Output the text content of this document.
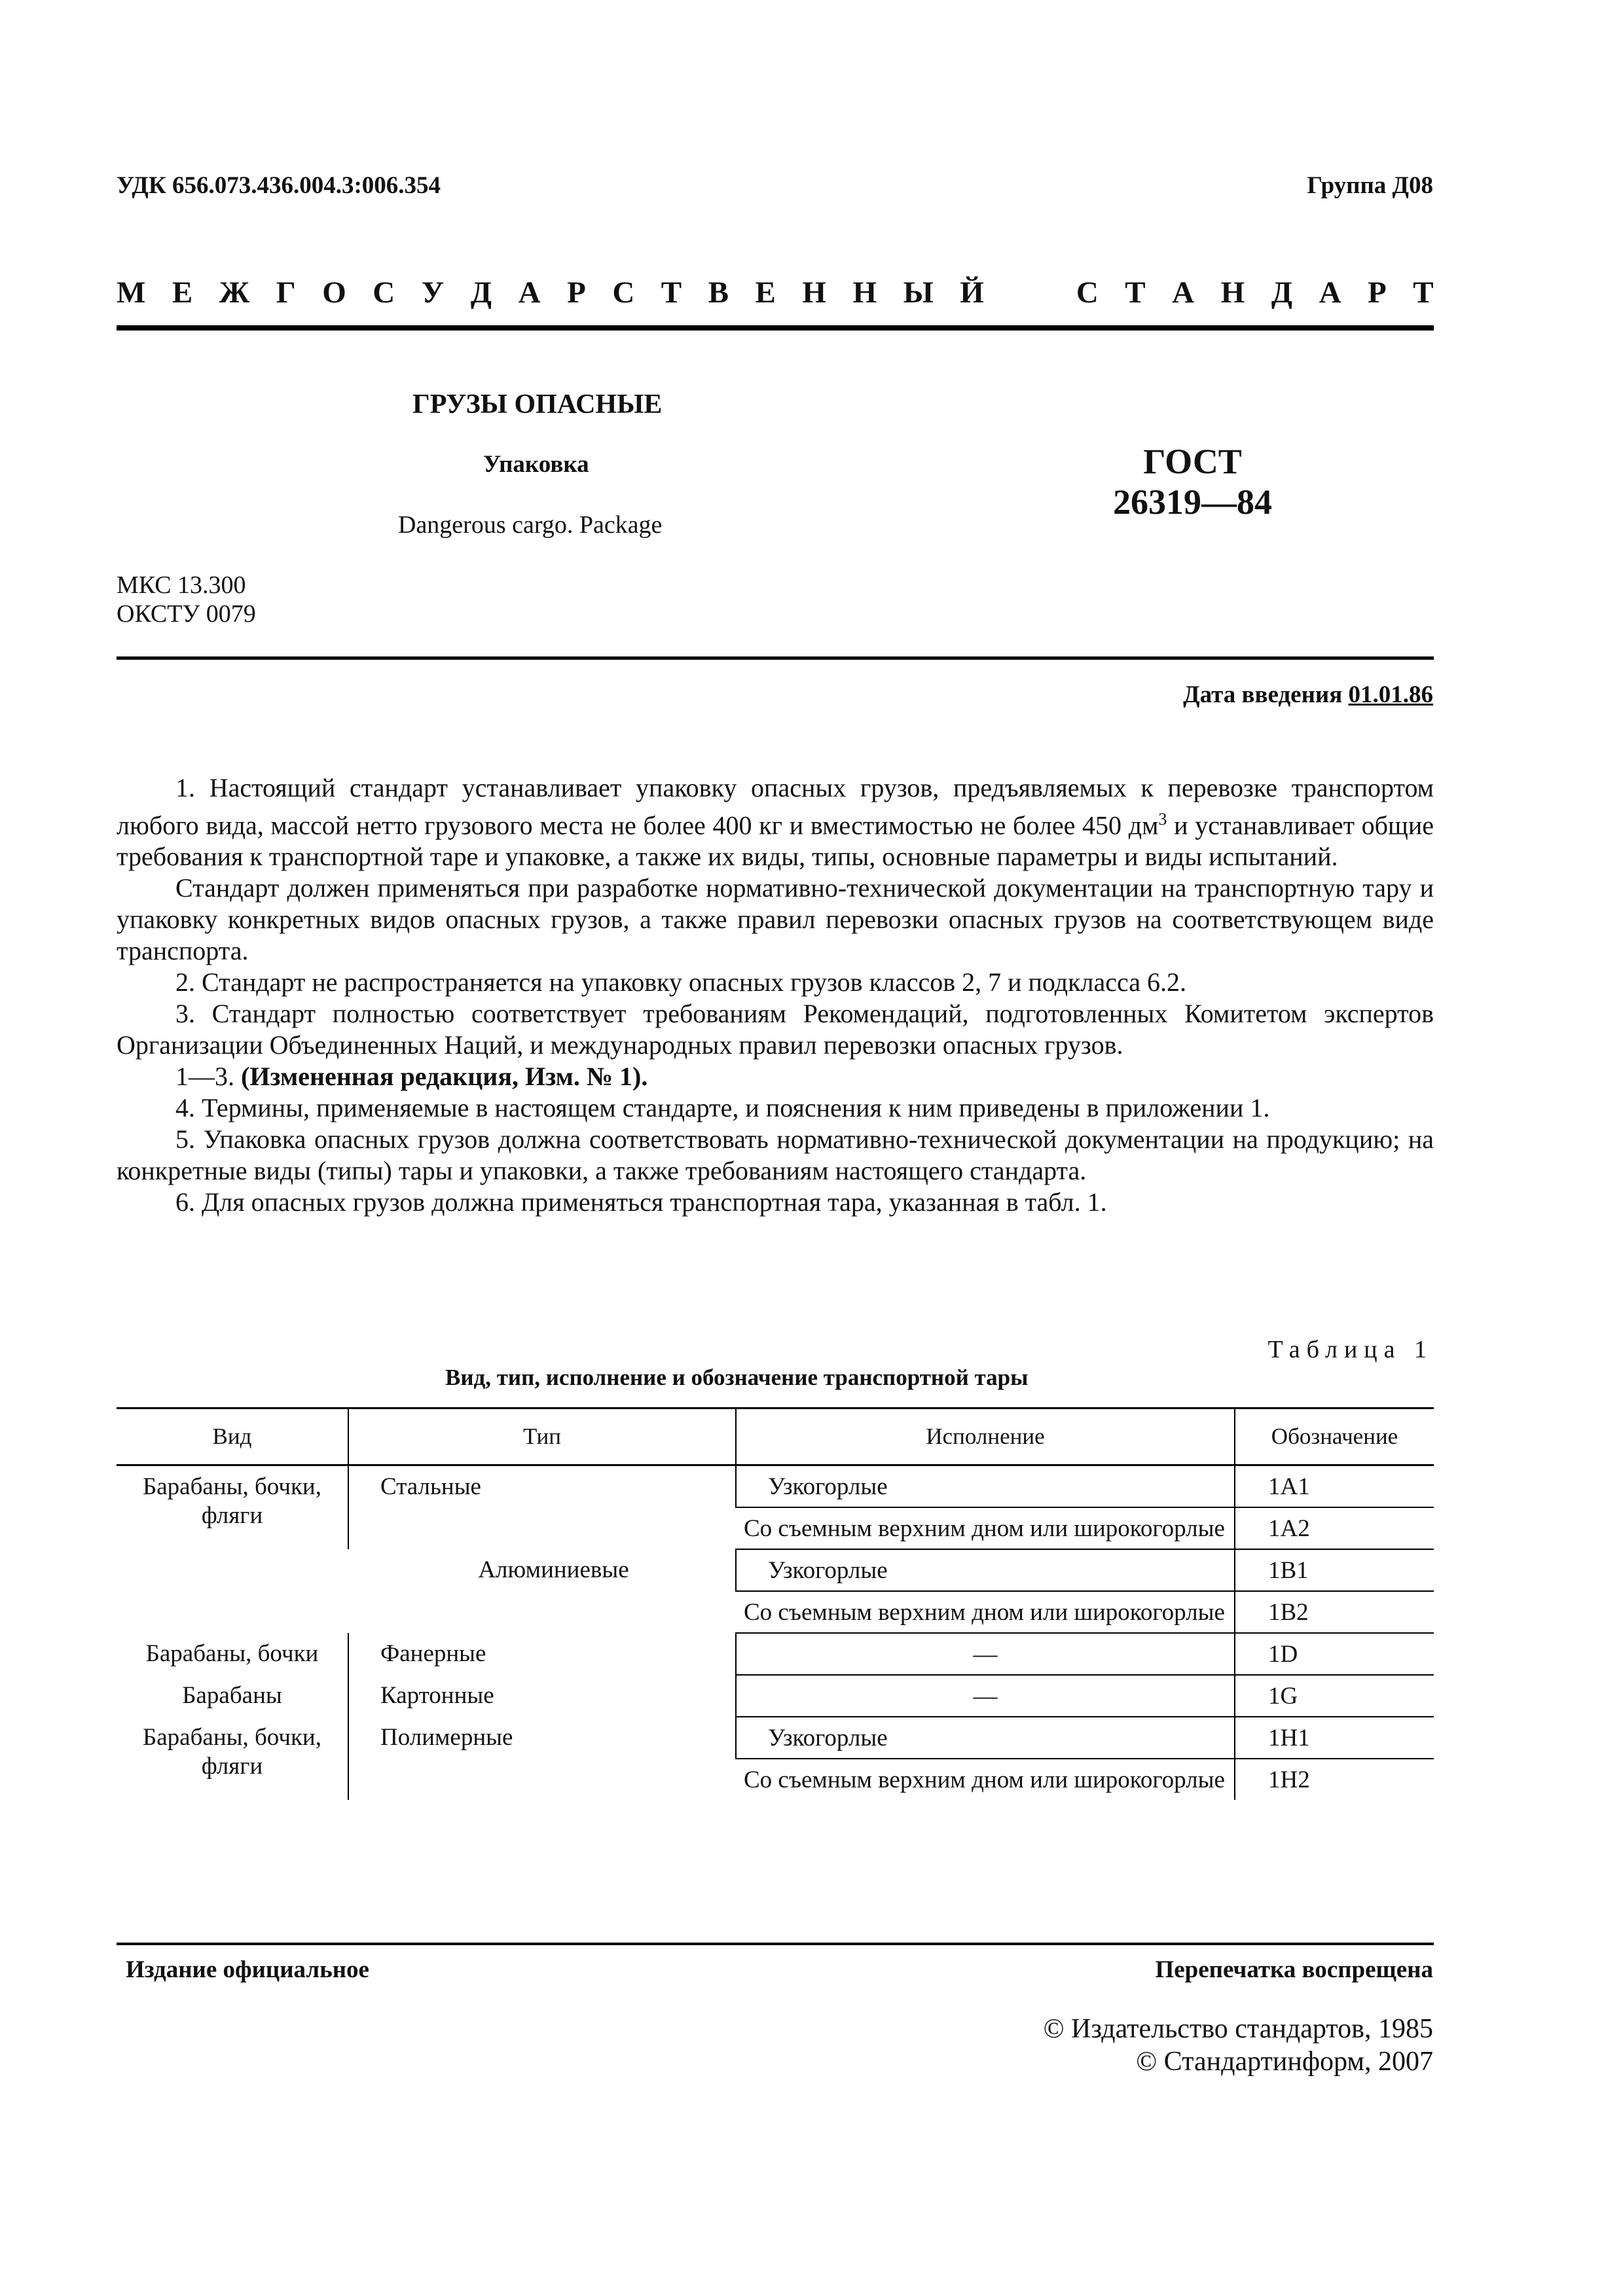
УДК 656.073.436.004.3:006.354	Группа Д08
М Е Ж Г О С У Д А Р С Т В Е Н Н Ы Й	С Т А Н Д А Р Т
ГРУЗЫ ОПАСНЫЕ
Упаковка
Dangerous cargo. Package
ГОСТ
26319—84
МКС 13.300
ОКСТУ 0079
Дата введения 01.01.86

1. Настоящий стандарт устанавливает упаковку опасных грузов, предъявляемых к перевозке транспортом любого вида, массой нетто грузового места не более 400 кг и вместимостью не более 450 $дм^3$ и устанавливает общие требования к транспортной таре и упаковке, а также их виды, типы, основные параметры и виды испытаний.

Стандарт должен применяться при разработке нормативно-технической документации на транспортную тару и упаковку конкретных видов опасных грузов, а также правил перевозки опасных грузов на соответствующем виде транспорта.

2. Стандарт не распространяется на упаковку опасных грузов классов 2, 7 и подкласса 6.2.

3. Стандарт полностью соответствует требованиям Рекомендаций, подготовленных Комитетом экспертов Организации Объединенных Наций, и международных правил перевозки опасных грузов.

1—3. (Измененная редакция, Изм. № 1).

4. Термины, применяемые в настоящем стандарте, и пояснения к ним приведены в приложении 1.

5. Упаковка опасных грузов должна соответствовать нормативно-технической документации на продукцию; на конкретные виды (типы) тары и упаковки, а также требованиям настоящего стандарта.

6. Для опасных грузов должна применяться транспортная тара, указанная в табл. 1.

Таблица 1
Вид, тип, исполнение и обозначение транспортной тары
Вид	Тип	Исполнение	Обозначение
Барабаны, бочки, фляги	Стальные	Узкогорлые	1A1
		Со съемным верхним дном или широкогорлые	1A2
	Алюминиевые	Узкогорлые	1B1
		Со съемным верхним дном или широкогорлые	1B2
Барабаны, бочки	Фанерные	—	1D
Барабаны	Картонные	—	1G
Барабаны, бочки, фляги	Полимерные	Узкогорлые	1H1
		Со съемным верхним дном или широкогорлые	1H2
Издание официальное	Перепечатка воспрещена
© Издательство стандартов, 1985
© Стандартинформ, 2007
